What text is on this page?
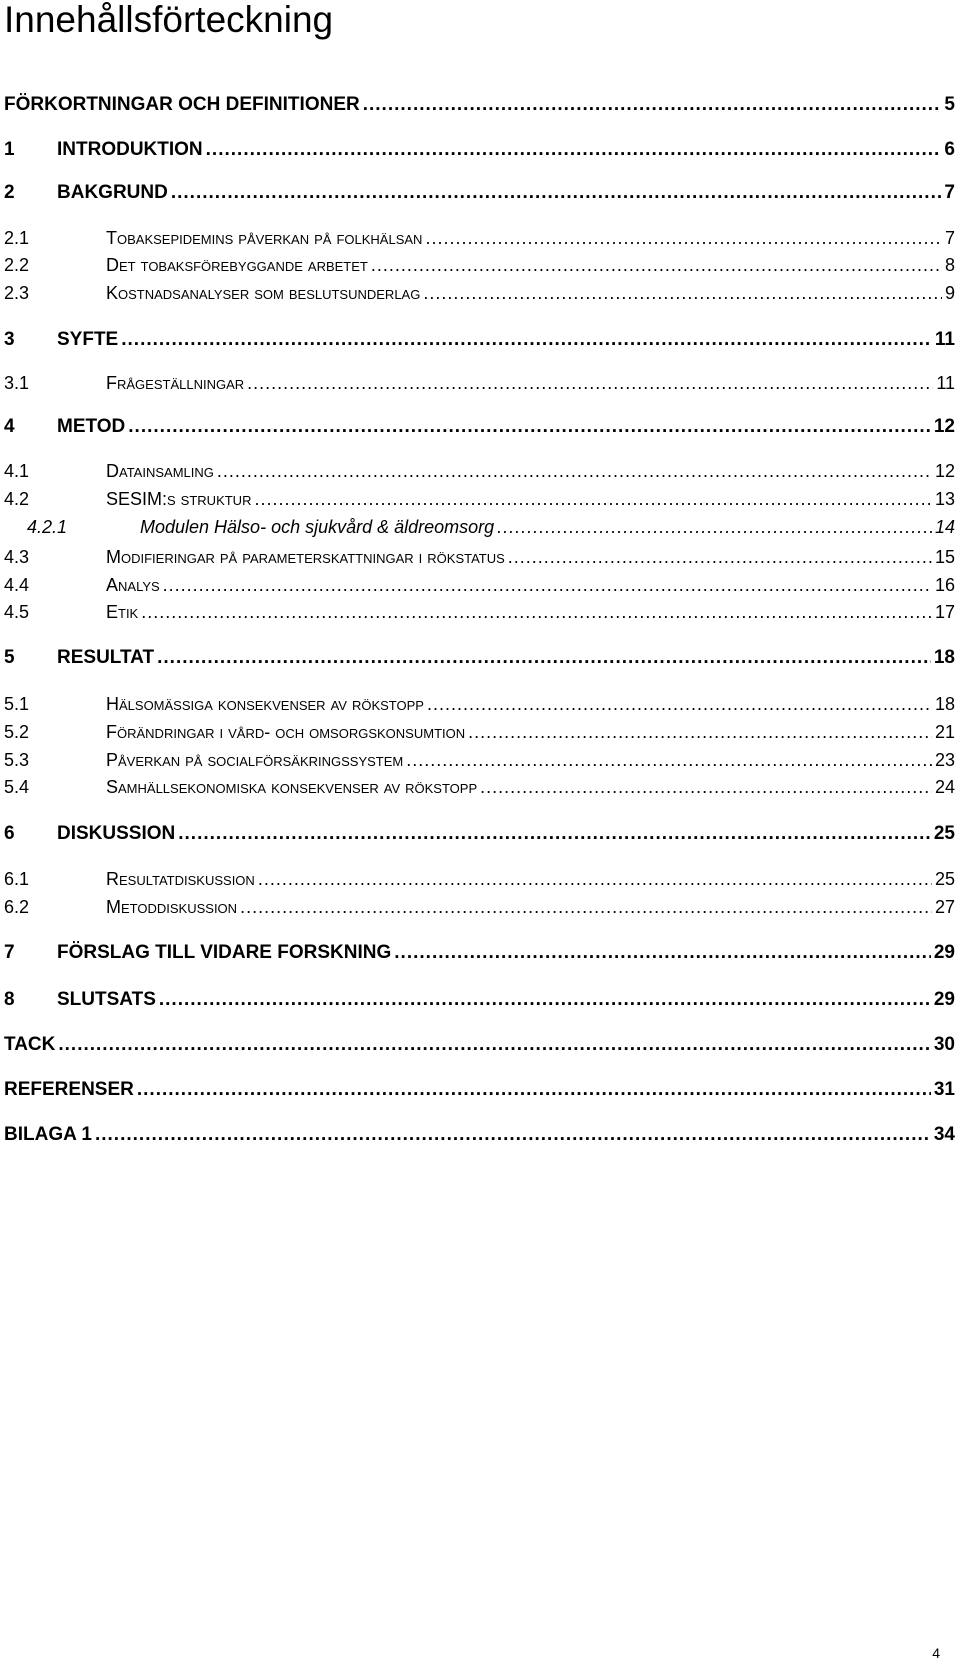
Innehållsförteckning
FÖRKORTNINGAR OCH DEFINITIONER .....	5
1	INTRODUKTION .....	6
2	BAKGRUND .....	7
2.1	Tobaksepidemins påverkan på folkhälsan .....	7
2.2	Det tobaksförebyggande arbetet .....	8
2.3	Kostnadsanalyser som beslutsunderlag .....	9
3	SYFTE .....	11
3.1	Frågeställningar .....	11
4	METOD .....	12
4.1	Datainsamling .....	12
4.2	SESIM:s struktur .....	13
4.2.1	Modulen Hälso- och sjukvård & äldreomsorg .....	14
4.3	Modifieringar på parameterskattningar i rökstatus .....	15
4.4	Analys .....	16
4.5	Etik .....	17
5	RESULTAT .....	18
5.1	Hälsomässiga konsekvenser av rökstopp .....	18
5.2	Förändringar i vård- och omsorgskonsumtion .....	21
5.3	Påverkan på socialförsäkringssystem .....	23
5.4	Samhällsekonomiska konsekvenser av rökstopp .....	24
6	DISKUSSION .....	25
6.1	Resultatdiskussion .....	25
6.2	Metoddiskussion .....	27
7	FÖRSLAG TILL VIDARE FORSKNING .....	29
8	SLUTSATS .....	29
TACK .....	30
REFERENSER .....	31
BILAGA 1 .....	34
4
